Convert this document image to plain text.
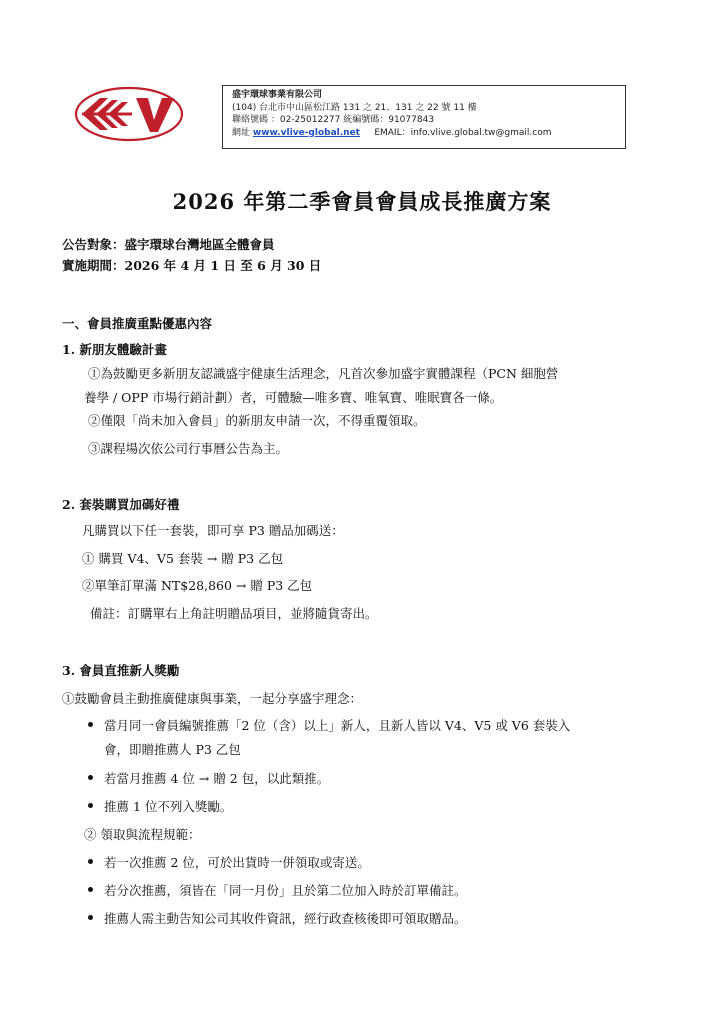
盛宇環球事業有限公司
(104) 台北市中山區松江路 131 之 21、131 之 22 號 11 樓
聯絡號碼 ：02-25012277 統編號碼：91077843
網址 www.vlive-global.net EMAIL：info.vlive.global.tw@gmail.com
2026 年第二季會員會員成長推廣方案
公告對象：盛宇環球台灣地區全體會員
實施期間：2026 年 4 月 1 日 至 6 月 30 日
一、會員推廣重點優惠內容
1. 新朋友體驗計畫
①為鼓勵更多新朋友認識盛宇健康生活理念，凡首次參加盛宇實體課程（PCN 細胞營
養學 / OPP 市場行銷計劃）者，可體驗—唯多寶、唯氧寶、唯眠寶各一條。
②僅限「尚未加入會員」的新朋友申請一次，不得重覆領取。
③課程場次依公司行事曆公告為主。
2. 套裝購買加碼好禮
凡購買以下任一套裝，即可享 P3 贈品加碼送：
① 購買 V4、V5 套裝 → 贈 P3 乙包
②單筆訂單滿 NT$28,860 → 贈 P3 乙包
備註：訂購單右上角註明贈品項目，並將隨貨寄出。
3. 會員直推新人獎勵
①鼓勵會員主動推廣健康與事業，一起分享盛宇理念：
當月同一會員編號推薦「2 位（含）以上」新人，且新人皆以 V4、V5 或 V6 套裝入
會，即贈推薦人 P3 乙包
若當月推薦 4 位 → 贈 2 包，以此類推。
推薦 1 位不列入獎勵。
② 領取與流程規範：
若一次推薦 2 位，可於出貨時一併領取或寄送。
若分次推薦，須皆在「同一月份」且於第二位加入時於訂單備註。
推薦人需主動告知公司其收件資訊，經行政查核後即可領取贈品。
